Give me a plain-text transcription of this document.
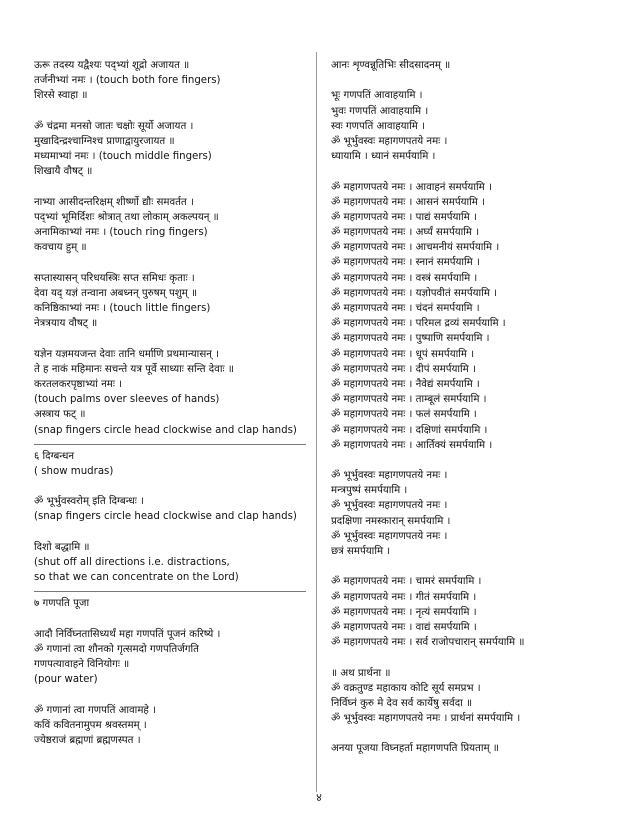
ऊरू तदस्य यद्वैश्यः पद्भ्यां शूद्रो अजायत ॥
तर्जनीभ्यां नमः । (touch both fore fingers)
शिरसे स्वाहा ॥
ॐ चंद्रमा मनसो जातः चक्षोः सूर्यो अजायत ।
मुखादिन्द्रश्चाग्निश्च प्राणाद्वायुरजायत ॥
मध्यमाभ्यां नमः । (touch middle fingers)
शिखायै वौषट् ॥
नाभ्या आसीदन्तरिक्षम् शीर्ष्णो द्यौः समवर्तत ।
पद्भ्यां भूमिर्दिशः श्रोत्रात् तथा लोकाम् अकल्पयन् ॥
अनामिकाभ्यां नमः । (touch ring fingers)
कवचाय हुम् ॥
सप्तास्यासन् परिधयस्त्रिः सप्त समिधः कृताः ।
देवा यद् यज्ञं तन्वाना अबध्नन् पुरुषम् पशुम् ॥
कनिष्ठिकाभ्यां नमः । (touch little fingers)
नेत्रत्रयाय वौषट् ॥
यज्ञेन यज्ञमयजन्त देवाः तानि धर्माणि प्रथमान्यासन् ।
ते ह नाकं महिमानः सचन्ते यत्र पूर्वे साध्याः सन्ति देवाः ॥
करतलकरपृष्ठाभ्यां नमः ।
(touch palms over sleeves of hands)
अस्त्राय फट् ॥
(snap fingers circle head clockwise and clap hands)
६ दिग्बन्धन
( show mudras)
ॐ भूर्भुवस्वरोम् इति दिग्बन्धः ।
(snap fingers circle head clockwise and clap hands)
दिशो बद्धामि ॥
(shut off all directions i.e. distractions,
so that we can concentrate on the Lord)
७ गणपति पूजा
आदौ निर्विघ्नतासिध्यर्थं महा गणपतिं पूजनं करिष्ये ।
ॐ गणानां त्वा शौनको गृत्समदो गणपतिर्जगति
गणपत्यावाहने विनियोगः ॥
(pour water)
ॐ गणानां त्वा गणपतिं आवामहे ।
कविं कवितनामुपम श्रवस्तमम् ।
ज्येष्ठराजं ब्रह्मणां ब्रह्मणस्पत ।
आनः शृण्वन्नूतिभिः सीदसादनम् ॥
भूः गणपतिं आवाहयामि ।
भुवः गणपतिं आवाहयामि ।
स्वः गणपतिं आवाहयामि ।
ॐ भूर्भुवस्वः महागणपतये नमः ।
ध्यायामि । ध्यानं समर्पयामि ।
ॐ महागणपतये नमः । आवाहनं समर्पयामि ।
ॐ महागणपतये नमः । आसनं समर्पयामि ।
ॐ महागणपतये नमः । पाद्यं समर्पयामि ।
ॐ महागणपतये नमः । अर्घ्यं समर्पयामि ।
ॐ महागणपतये नमः । आचमनीयं समर्पयामि ।
ॐ महागणपतये नमः । स्नानं समर्पयामि ।
ॐ महागणपतये नमः । वस्त्रं समर्पयामि ।
ॐ महागणपतये नमः । यज्ञोपवीतं समर्पयामि ।
ॐ महागणपतये नमः । चंदनं समर्पयामि ।
ॐ महागणपतये नमः । परिमल द्रव्यं समर्पयामि ।
ॐ महागणपतये नमः । पुष्पाणि समर्पयामि ।
ॐ महागणपतये नमः । धूपं समर्पयामि ।
ॐ महागणपतये नमः । दीपं समर्पयामि ।
ॐ महागणपतये नमः । नैवेद्यं समर्पयामि ।
ॐ महागणपतये नमः । ताम्बूलं समर्पयामि ।
ॐ महागणपतये नमः । फलं समर्पयामि ।
ॐ महागणपतये नमः । दक्षिणां समर्पयामि ।
ॐ महागणपतये नमः । आर्तिक्यं समर्पयामि ।
ॐ भूर्भुवस्वः महागणपतये नमः ।
मन्त्रपुष्पं समर्पयामि ।
ॐ भूर्भुवस्वः महागणपतये नमः ।
प्रदक्षिणा नमस्कारान् समर्पयामि ।
ॐ भूर्भुवस्वः महागणपतये नमः ।
छत्रं समर्पयामि ।
ॐ महागणपतये नमः । चामरं समर्पयामि ।
ॐ महागणपतये नमः । गीतं समर्पयामि ।
ॐ महागणपतये नमः । नृत्यं समर्पयामि ।
ॐ महागणपतये नमः । वाद्यं समर्पयामि ।
ॐ महागणपतये नमः । सर्व राजोपचारान् समर्पयामि ॥
॥ अथ प्रार्थना ॥
ॐ वक्रतुण्ड महाकाय कोटि सूर्य समप्रभ ।
निर्विघ्नं कुरु मे देव सर्व कार्येषु सर्वदा ॥
ॐ भूर्भुवस्वः महागणपतये नमः । प्रार्थनां समर्पयामि ।
अनया पूजया विघ्नहर्ता महागणपति प्रियताम् ॥
४
